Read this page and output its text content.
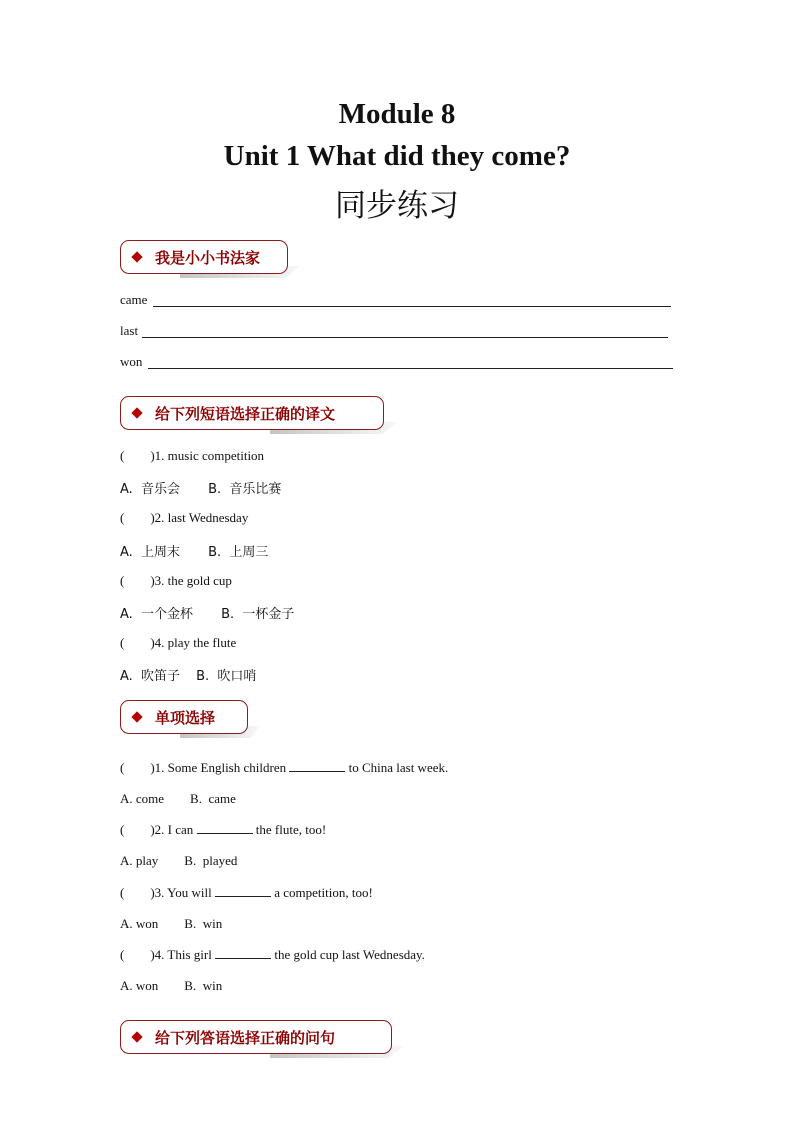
Module 8
Unit 1 What did they come?
同步练习
我是小小书法家
came
last
won
给下列短语选择正确的译文
(        )1. music competition
A.  音乐会 B.  音乐比赛
(        )2. last Wednesday
A.  上周末 B.  上周三
(        )3. the gold cup
A.  一个金杯 B.  一杯金子
(        )4. play the flute
A.  吹笛子 B.  吹口哨
单项选择
(        )1. Some English children	to China last week.
A. come B.  came
(        )2. I can	the flute, too!
A. play B.  played
(        )3. You will	a competition, too!
A. won B.  win
(        )4. This girl	the gold cup last Wednesday.
A. won B.  win
给下列答语选择正确的问句
